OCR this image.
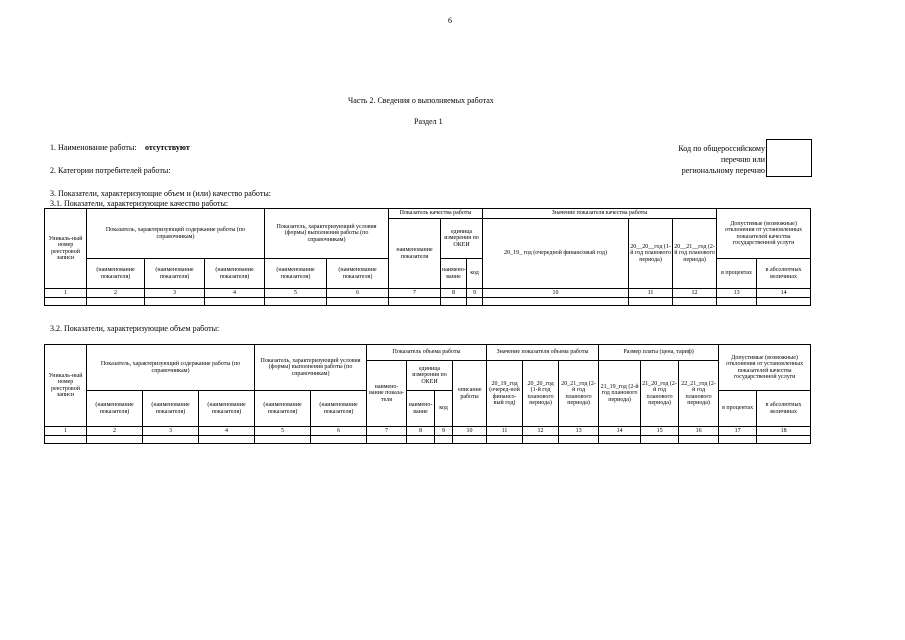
6
Часть 2. Сведения о выполняемых работах
Раздел 1
1. Наименование работы: отсутствуют
2. Категории потребителей работы:
Код по общероссийскому
перечню или
региональному перечню
3. Показатели, характеризующие объем и (или) качество работы:
3.1. Показатели, характеризующие качество работы:
Уникаль-ный номер реестровой записи	Показатель, характеризующий содержание работы (по справочникам)			Показатель, характеризующий условия (формы) выполнения работы (по справочникам)		Показатель качества работы			Значение показателя качества работы			Допустимые (возможные) отклонения от установленных показателей качества государственной услуги	
						наименование показателя	единица измерения по ОКЕИ		20_19_ год (очередной финансовый год)	20__20__год (1-й год планового периода)	20__21__год (2-й год планового периода)		
	(наименование показателя)	(наименование показателя)	(наименование показателя)	(наименование показателя)	(наименование показателя)		наимено-вание	код				в процентах	в абсолютных величинах
1	2	3	4	5	6	7	8	9	10	11	12	13	14

3.2. Показатели, характеризующие объем работы:
Уникаль-ный номер реестровой записи	Показатель, характеризующий содержание работы (по справочникам)			Показатель, характеризующий условия (формы) выполнения работы (по справочникам)		Показатель объема работы				Значение показателя объема работы			Размер платы (цена, тариф)			Допустимые (возможные) отклонения от установленных показателей качества государственной услуги	
						наимено-вание показа-теля	единица измерения по ОКЕИ		описание работы	20_19_год (очеред-ной финансо-вый год)	20_20_год (1-й год планового периода)	20_21_год (2-й год планового периода)	21_19_год (2-й год планового периода)	21_20_год (2-й год планового периода)	22_21_год (2-й год планового периода)		
	(наименование показателя)	(наименование показателя)	(наименование показателя)	(наименование показателя)	(наименование показателя)		наимено-вание	код								в процентах	в абсолютных величинах
1	2	3	4	5	6	7	8	9	10	11	12	13	14	15	16	17	18
